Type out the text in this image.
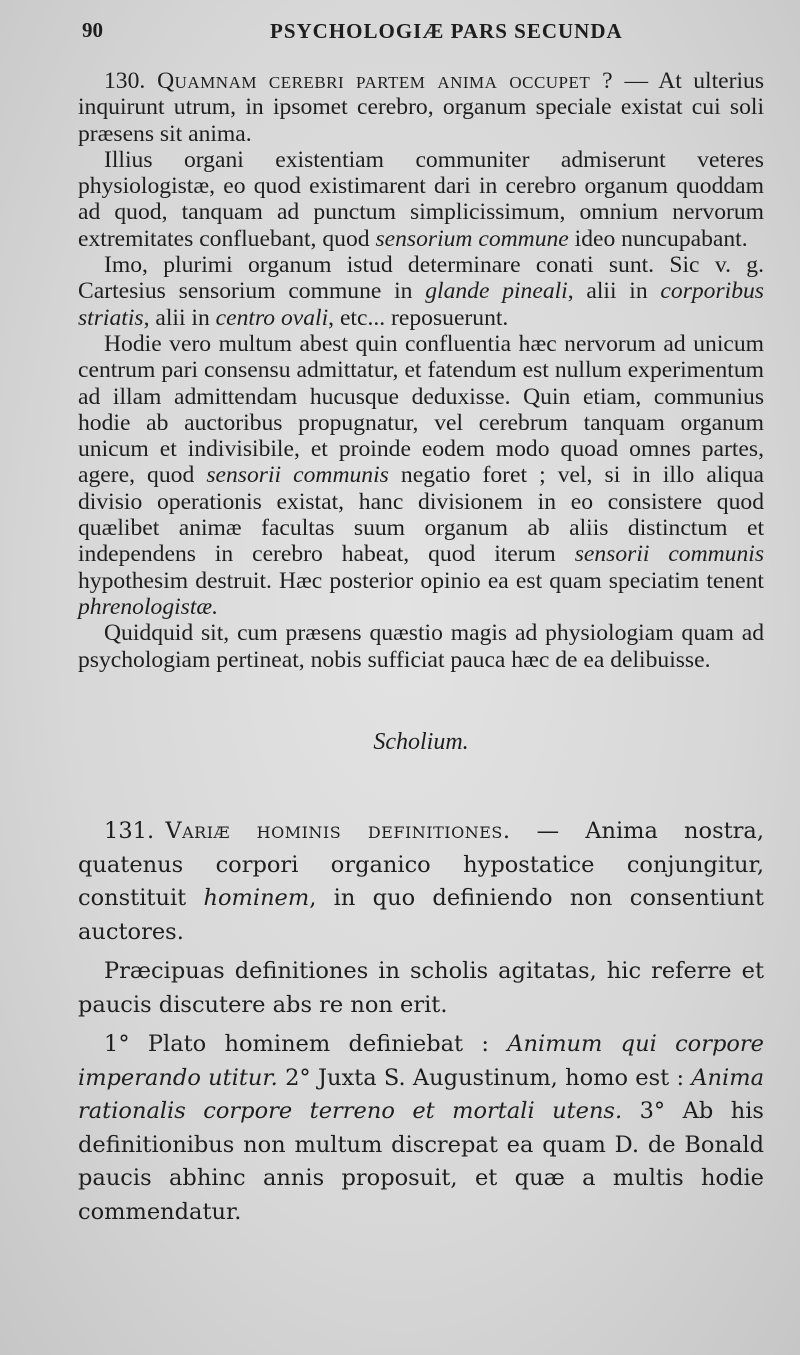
90	PSYCHOLOGIÆ PARS SECUNDA

130.  Quamnam cerebri partem anima occupet ? — At ulterius inquirunt utrum, in ipsomet cerebro, organum speciale existat cui soli præsens sit anima.

Illius organi existentiam communiter admiserunt veteres physiologistæ, eo quod existimarent dari in cerebro organum quoddam ad quod, tanquam ad punctum simplicissimum, omnium nervorum extremitates confluebant, quod sensorium commune ideo nuncupabant.

Imo, plurimi organum istud determinare conati sunt. Sic v. g. Cartesius sensorium commune in glande pineali, alii in corporibus striatis, alii in centro ovali, etc... reposuerunt.

Hodie vero multum abest quin confluentia hæc nervorum ad unicum centrum pari consensu admittatur, et fatendum est nullum experimentum ad illam admittendam hucusque deduxisse. Quin etiam, communius hodie ab auctoribus propugnatur, vel cerebrum tanquam organum unicum et indivisibile, et proinde eodem modo quoad omnes partes, agere, quod sensorii communis negatio foret ; vel, si in illo aliqua divisio operationis existat, hanc divisionem in eo consistere quod quælibet animæ facultas suum organum ab aliis distinctum et independens in cerebro habeat, quod iterum sensorii communis hypothesim destruit. Hæc posterior opinio ea est quam speciatim tenent phrenologistæ.

Quidquid sit, cum præsens quæstio magis ad physiologiam quam ad psychologiam pertineat, nobis sufficiat pauca hæc de ea delibuisse.

Scholium.

131.  Variæ hominis definitiones. — Anima nostra, quatenus corpori organico hypostatice conjungitur, constituit hominem, in quo definiendo non consentiunt auctores.

Præcipuas definitiones in scholis agitatas, hic referre et paucis discutere abs re non erit.

1° Plato hominem definiebat : Animum qui corpore imperando utitur. 2° Juxta S. Augustinum, homo est : Anima rationalis corpore terreno et mortali utens. 3° Ab his definitionibus non multum discrepat ea quam D. de Bonald paucis abhinc annis proposuit, et quæ a multis hodie commendatur.
